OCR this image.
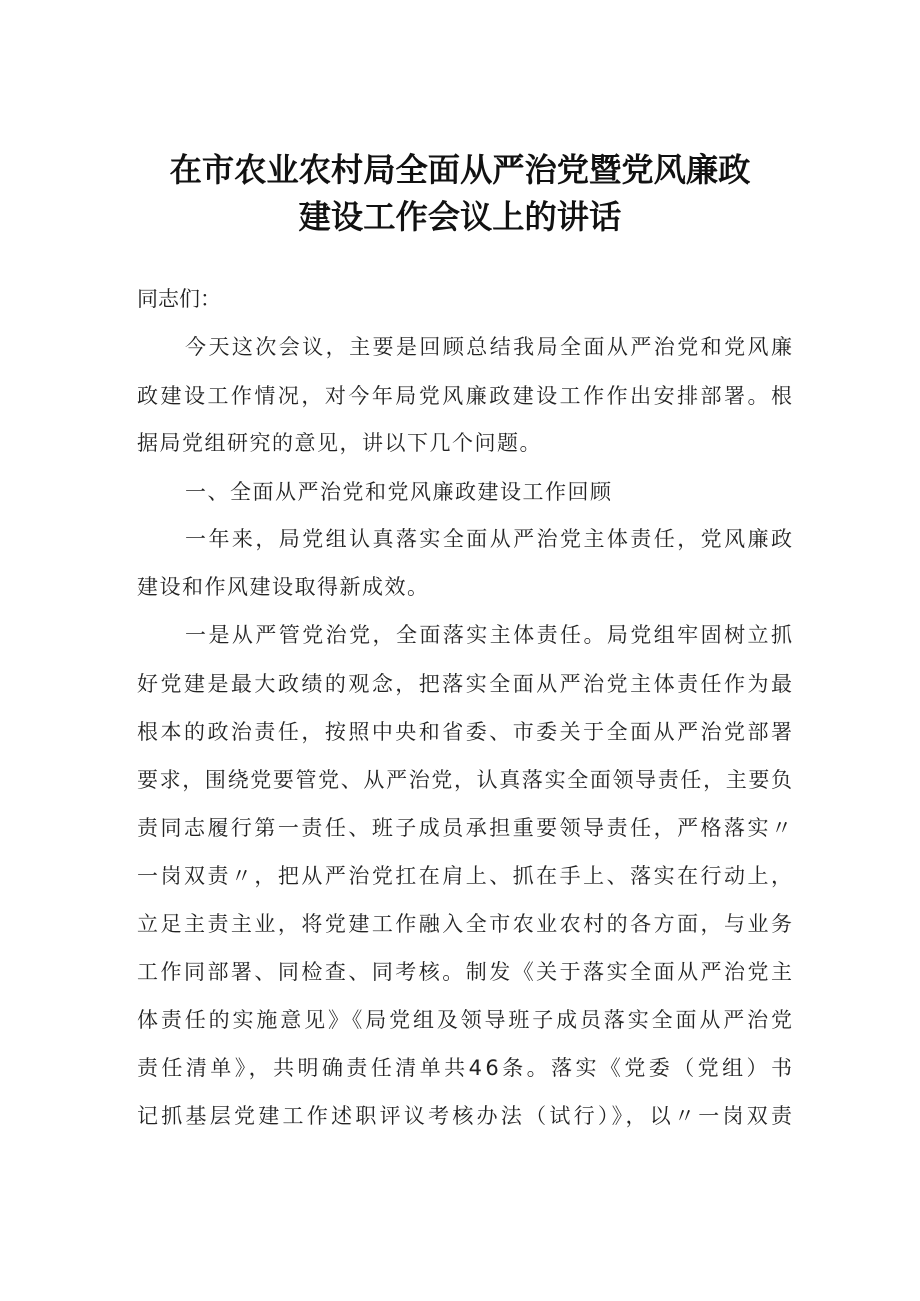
在市农业农村局全面从严治党暨党风廉政
建设工作会议上的讲话
同志们：
今天这次会议，主要是回顾总结我局全面从严治党和党风廉
政建设工作情况，对今年局党风廉政建设工作作出安排部署。根
据局党组研究的意见，讲以下几个问题。
一、全面从严治党和党风廉政建设工作回顾
一年来，局党组认真落实全面从严治党主体责任，党风廉政
建设和作风建设取得新成效。
一是从严管党治党，全面落实主体责任。局党组牢固树立抓
好党建是最大政绩的观念，把落实全面从严治党主体责任作为最
根本的政治责任，按照中央和省委、市委关于全面从严治党部署
要求，围绕党要管党、从严治党，认真落实全面领导责任，主要负
责同志履行第一责任、班子成员承担重要领导责任，严格落实〃
一岗双责〃，把从严治党扛在肩上、抓在手上、落实在行动上，
立足主责主业，将党建工作融入全市农业农村的各方面，与业务
工作同部署、同检查、同考核。制发《关于落实全面从严治党主
体责任的实施意见》《局党组及领导班子成员落实全面从严治党
责任清单》，共明确责任清单共46条。落实《党委（党组）书
记抓基层党建工作述职评议考核办法（试行）》，以〃一岗双责
